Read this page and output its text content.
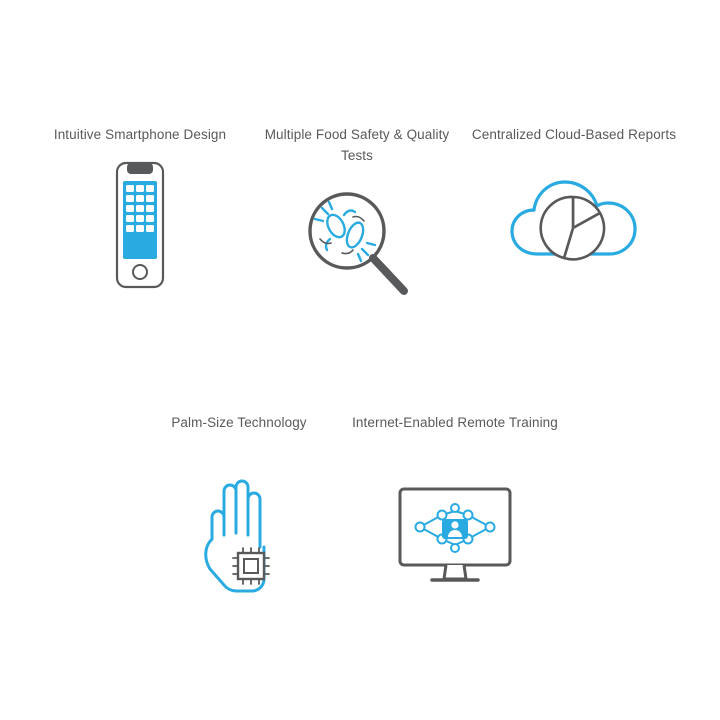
Intuitive Smartphone Design	Multiple Food Safety & Quality Tests
Centralized Cloud-Based Reports
Palm-Size Technology	Internet-Enabled Remote Training
